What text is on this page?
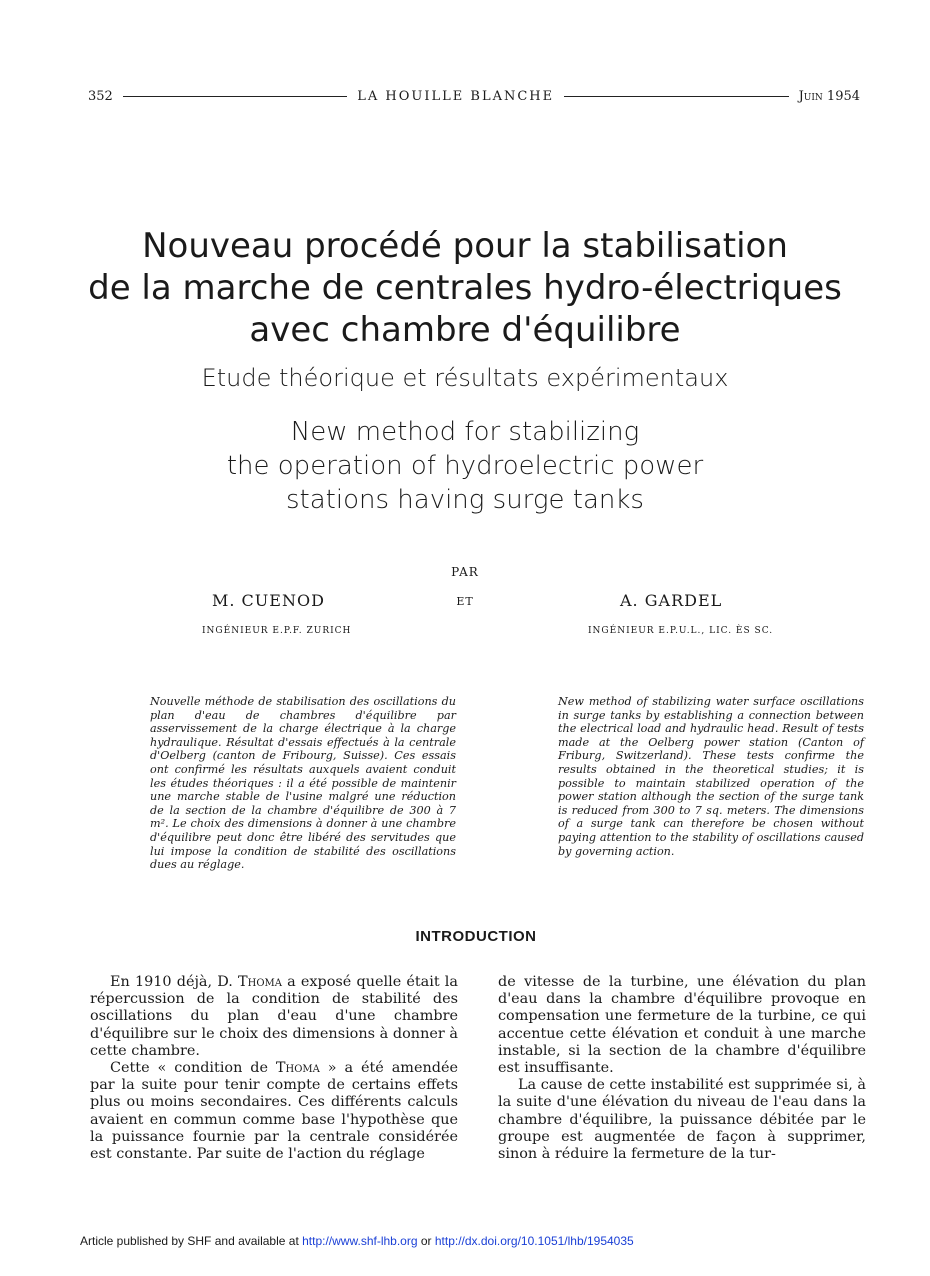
352	LA HOUILLE BLANCHE	Juin 1954
Nouveau procédé pour la stabilisation
de la marche de centrales hydro-électriques
avec chambre d'équilibre
Etude théorique et résultats expérimentaux
New method for stabilizing
the operation of hydroelectric power
stations having surge tanks
PAR
M. CUENOD	ET	A. GARDEL
INGÉNIEUR E.P.F. ZURICH	INGÉNIEUR E.P.U.L., LIC. ÈS SC.
Nouvelle méthode de stabilisation des oscillations du plan d'eau de chambres d'équilibre par asservissement de la charge électrique à la charge hydraulique. Résultat d'essais effectués à la centrale d'Oelberg (canton de Fribourg, Suisse). Ces essais ont confirmé les résultats auxquels avaient conduit les études théoriques : il a été possible de maintenir une marche stable de l'usine malgré une réduction de la section de la chambre d'équilibre de 300 à 7 m². Le choix des dimensions à donner à une chambre d'équilibre peut donc être libéré des servitudes que lui impose la condition de stabilité des oscillations dues au réglage.
New method of stabilizing water surface oscillations in surge tanks by establishing a connection between the electrical load and hydraulic head. Result of tests made at the Oelberg power station (Canton of Friburg, Switzerland). These tests confirme the results obtained in the theoretical studies; it is possible to maintain stabilized operation of the power station although the section of the surge tank is reduced from 300 to 7 sq. meters. The dimensions of a surge tank can therefore be chosen without paying attention to the stability of oscillations caused by governing action.
INTRODUCTION

En 1910 déjà, D. Thoma a exposé quelle était la répercussion de la condition de stabilité des oscillations du plan d'eau d'une chambre d'équilibre sur le choix des dimensions à donner à cette chambre.

Cette « condition de Thoma » a été amendée par la suite pour tenir compte de certains effets plus ou moins secondaires. Ces différents calculs avaient en commun comme base l'hypothèse que la puissance fournie par la centrale considérée est constante. Par suite de l'action du réglage

de vitesse de la turbine, une élévation du plan d'eau dans la chambre d'équilibre provoque en compensation une fermeture de la turbine, ce qui accentue cette élévation et conduit à une marche instable, si la section de la chambre d'équilibre est insuffisante.

La cause de cette instabilité est supprimée si, à la suite d'une élévation du niveau de l'eau dans la chambre d'équilibre, la puissance débitée par le groupe est augmentée de façon à supprimer, sinon à réduire la fermeture de la tur-

Article published by SHF and available at http://www.shf-lhb.org or http://dx.doi.org/10.1051/lhb/1954035
